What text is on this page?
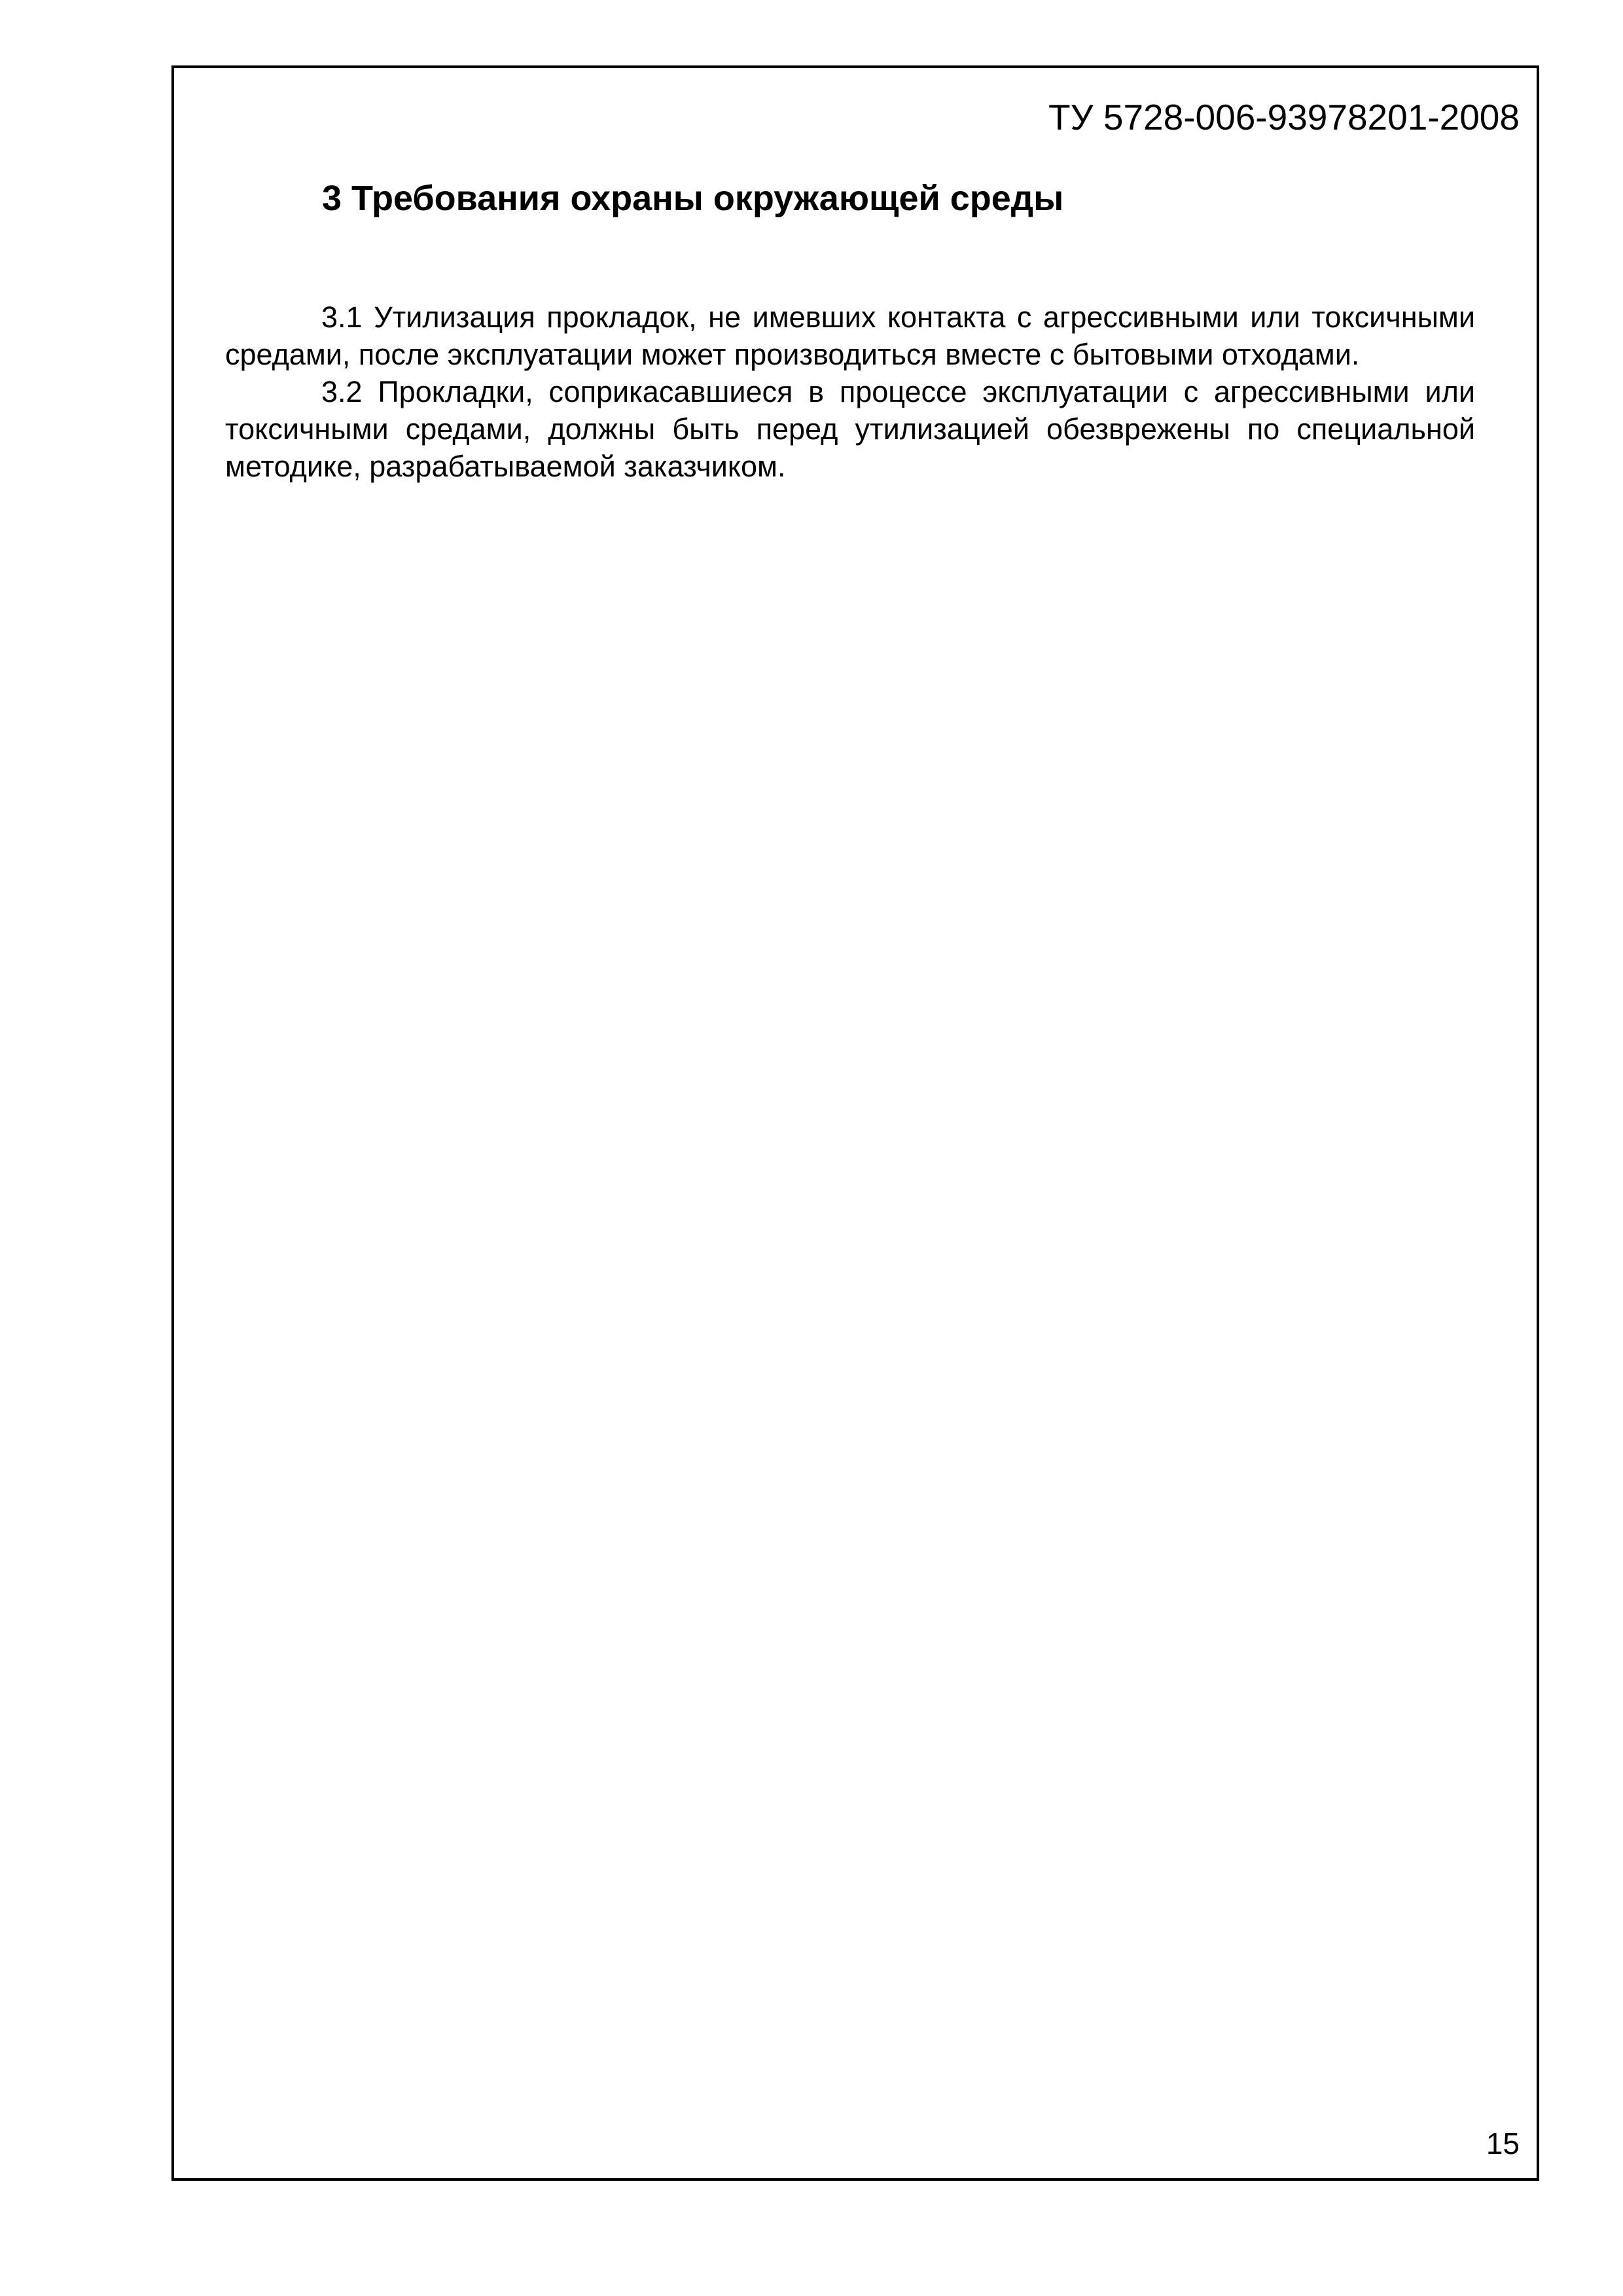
ТУ 5728-006-93978201-2008
3 Требования охраны окружающей среды

3.1 Утилизация прокладок, не имевших контакта с агрессивными или токсичными средами, после эксплуатации может производиться вместе с бытовыми отходами.

3.2 Прокладки, соприкасавшиеся в процессе эксплуатации с агрессивными или токсичными средами, должны быть перед утилизацией обезврежены по специальной методике, разрабатываемой заказчиком.

15
